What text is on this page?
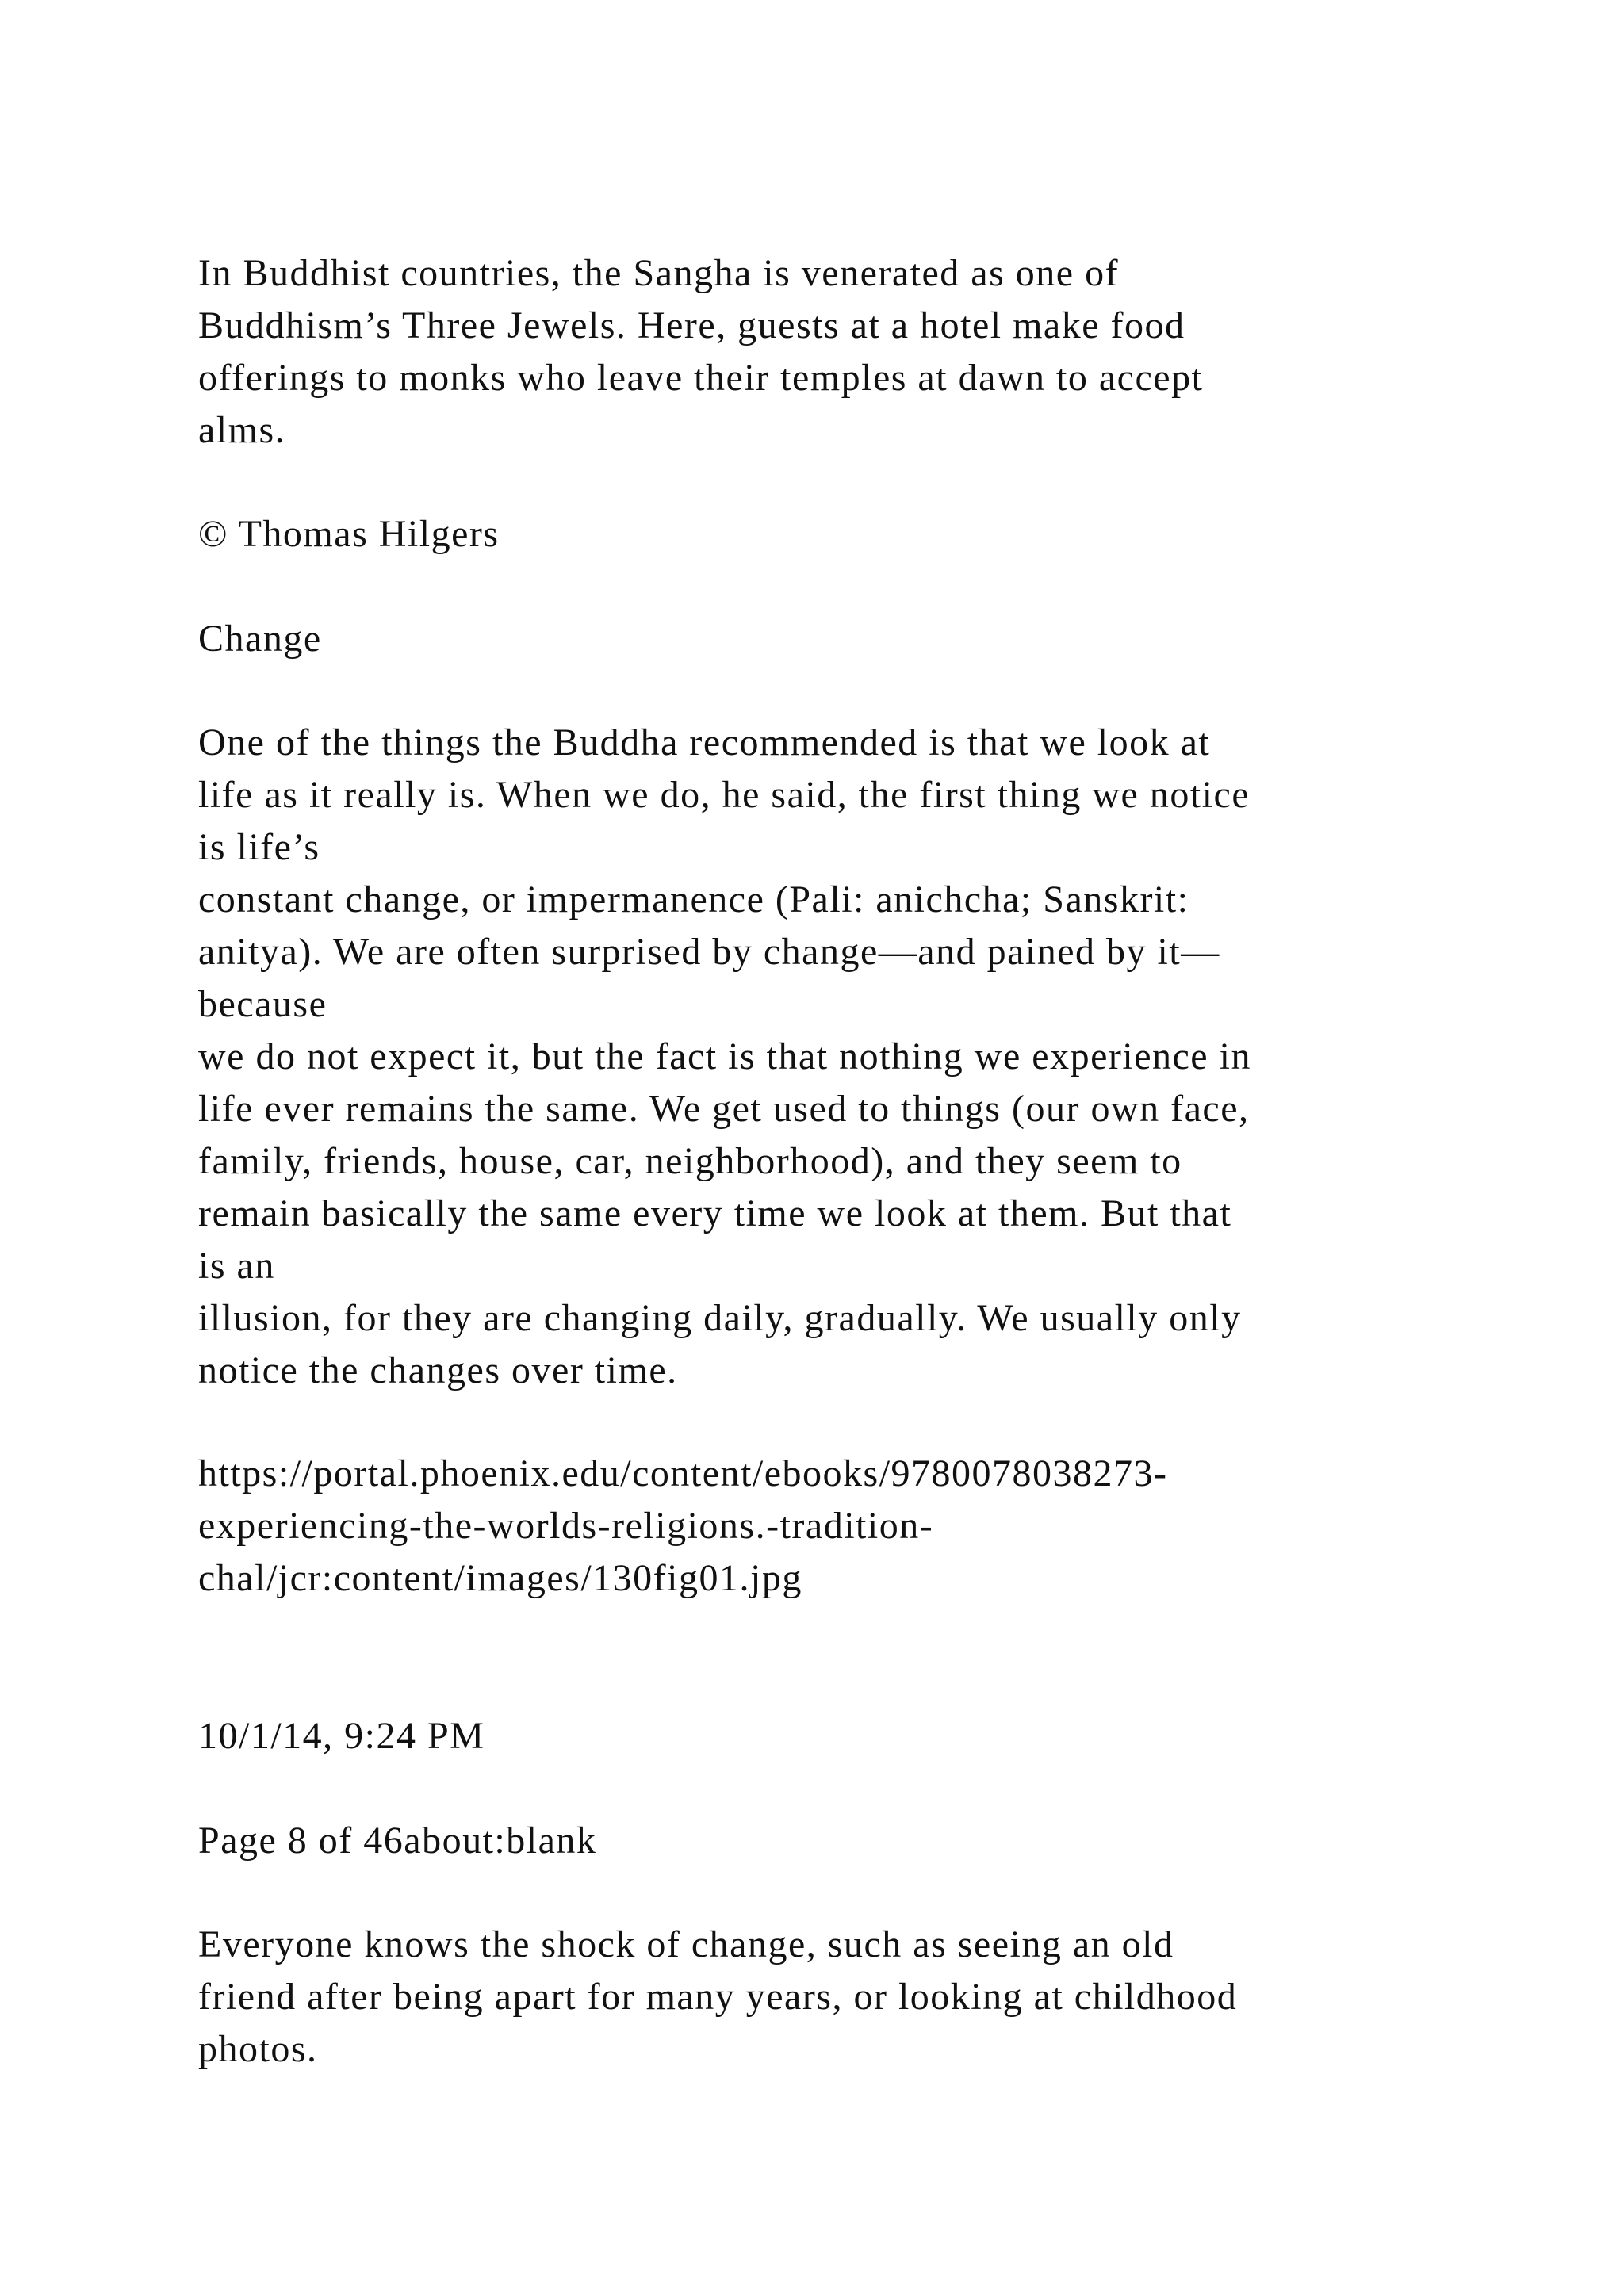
In Buddhist countries, the Sangha is venerated as one of
Buddhism’s Three Jewels. Here, guests at a hotel make food
offerings to monks who leave their temples at dawn to accept
alms.

© Thomas Hilgers

Change

One of the things the Buddha recommended is that we look at
life as it really is. When we do, he said, the first thing we notice
is life’s
constant change, or impermanence (Pali: anichcha; Sanskrit:
anitya). We are often surprised by change—and pained by it—
because
we do not expect it, but the fact is that nothing we experience in
life ever remains the same. We get used to things (our own face,
family, friends, house, car, neighborhood), and they seem to
remain basically the same every time we look at them. But that
is an
illusion, for they are changing daily, gradually. We usually only
notice the changes over time.

https://portal.phoenix.edu/content/ebooks/9780078038273-
experiencing-the-worlds-religions.-tradition-
chal/jcr:content/images/130fig01.jpg

10/1/14, 9:24 PM

Page 8 of 46about:blank

Everyone knows the shock of change, such as seeing an old
friend after being apart for many years, or looking at childhood
photos.
